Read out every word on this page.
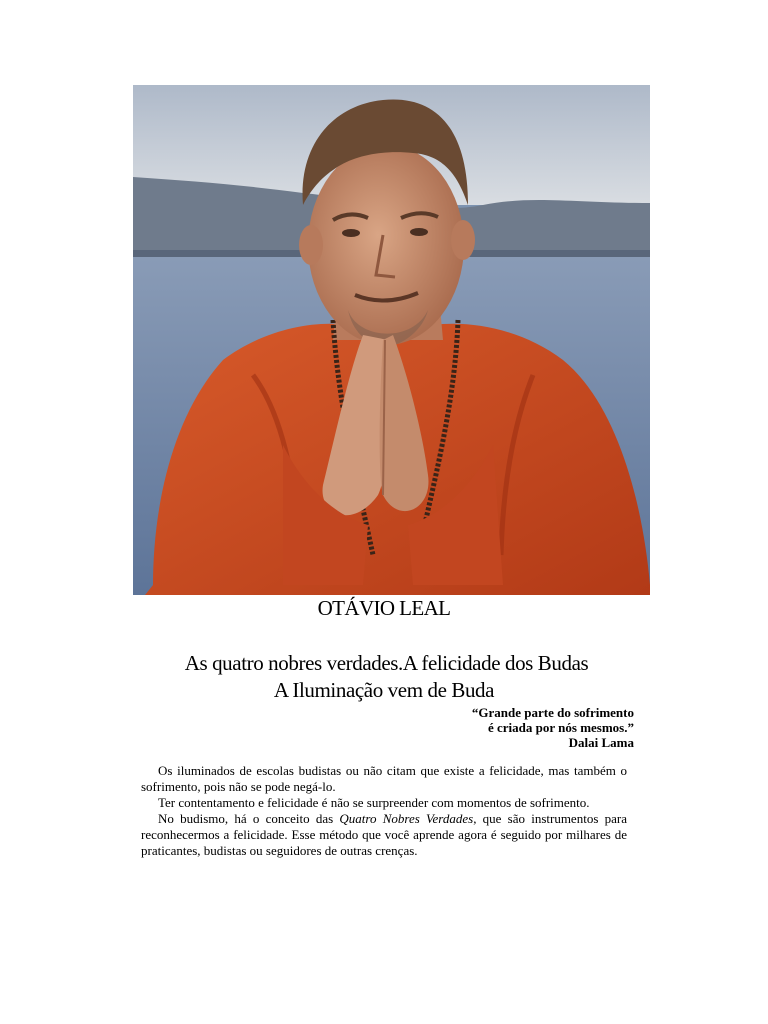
OTÁVIO LEAL
As quatro nobres verdades.A felicidade dos Budas
A Iluminação vem de Buda
“Grande parte do sofrimento
é criada por nós mesmos.”
Dalai Lama

Os iluminados de escolas budistas ou não citam que existe a felicidade, mas também o sofrimento, pois não se pode negá-lo.

Ter contentamento e felicidade é não se surpreender com momentos de sofrimento.

No budismo, há o conceito das Quatro Nobres Verdades, que são instrumentos para reconhecermos a felicidade. Esse método que você aprende agora é seguido por milhares de praticantes, budistas ou seguidores de outras crenças.
